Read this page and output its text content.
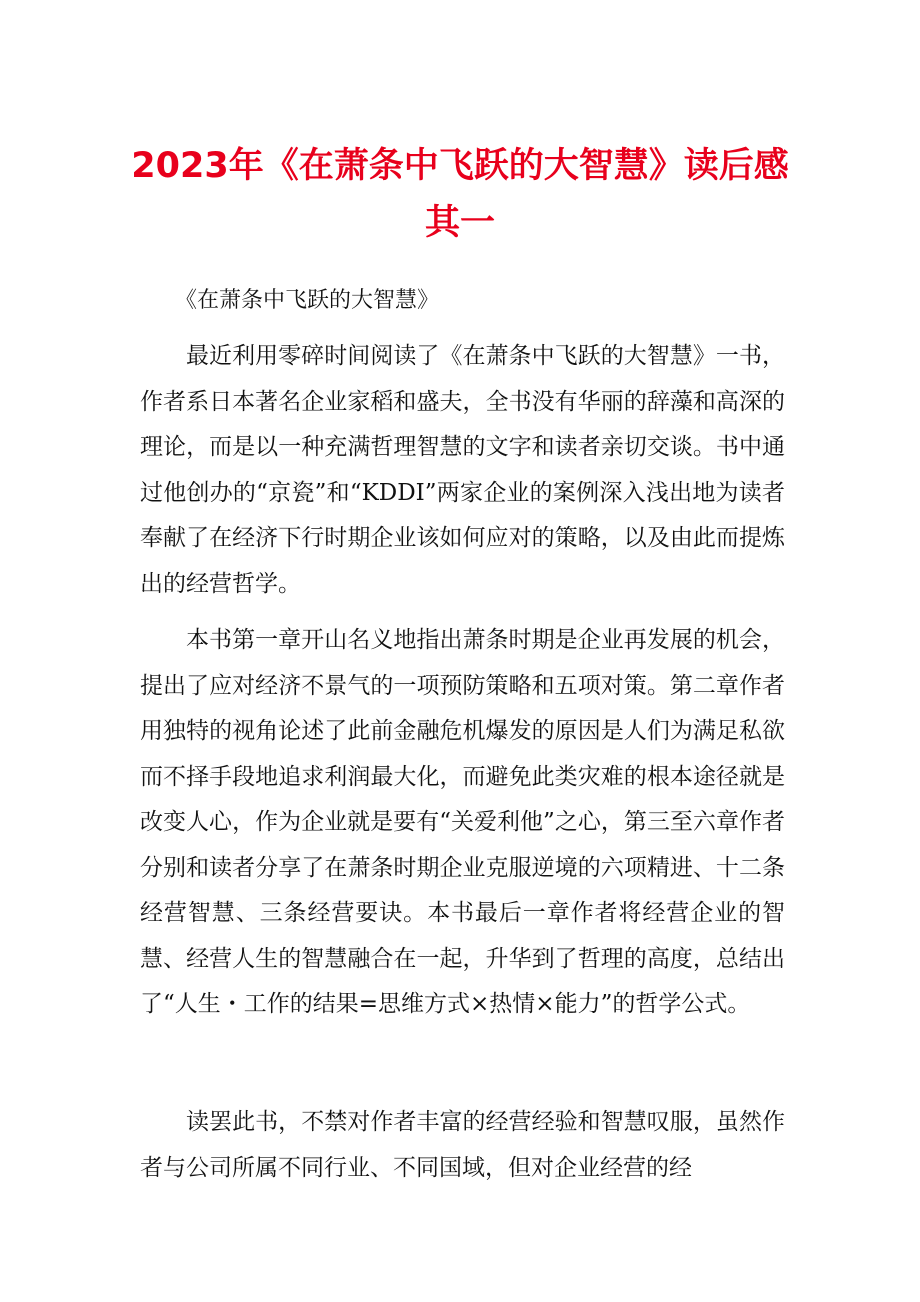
2023年《在萧条中飞跃的大智慧》读后感其一

《在萧条中飞跃的大智慧》

最近利用零碎时间阅读了《在萧条中飞跃的大智慧》一书，作者系日本著名企业家稻和盛夫，全书没有华丽的辞藻和高深的理论，而是以一种充满哲理智慧的文字和读者亲切交谈。书中通过他创办的“京瓷”和“KDDI”两家企业的案例深入浅出地为读者奉献了在经济下行时期企业该如何应对的策略，以及由此而提炼出的经营哲学。

本书第一章开山名义地指出萧条时期是企业再发展的机会，提出了应对经济不景气的一项预防策略和五项对策。第二章作者用独特的视角论述了此前金融危机爆发的原因是人们为满足私欲而不择手段地追求利润最大化，而避免此类灾难的根本途径就是改变人心，作为企业就是要有“关爱利他”之心，第三至六章作者分别和读者分享了在萧条时期企业克服逆境的六项精进、十二条经营智慧、三条经营要诀。本书最后一章作者将经营企业的智慧、经营人生的智慧融合在一起，升华到了哲理的高度，总结出了“人生・工作的结果=思维方式×热情×能力”的哲学公式。

读罢此书，不禁对作者丰富的经营经验和智慧叹服，虽然作者与公司所属不同行业、不同国域，但对企业经营的经
